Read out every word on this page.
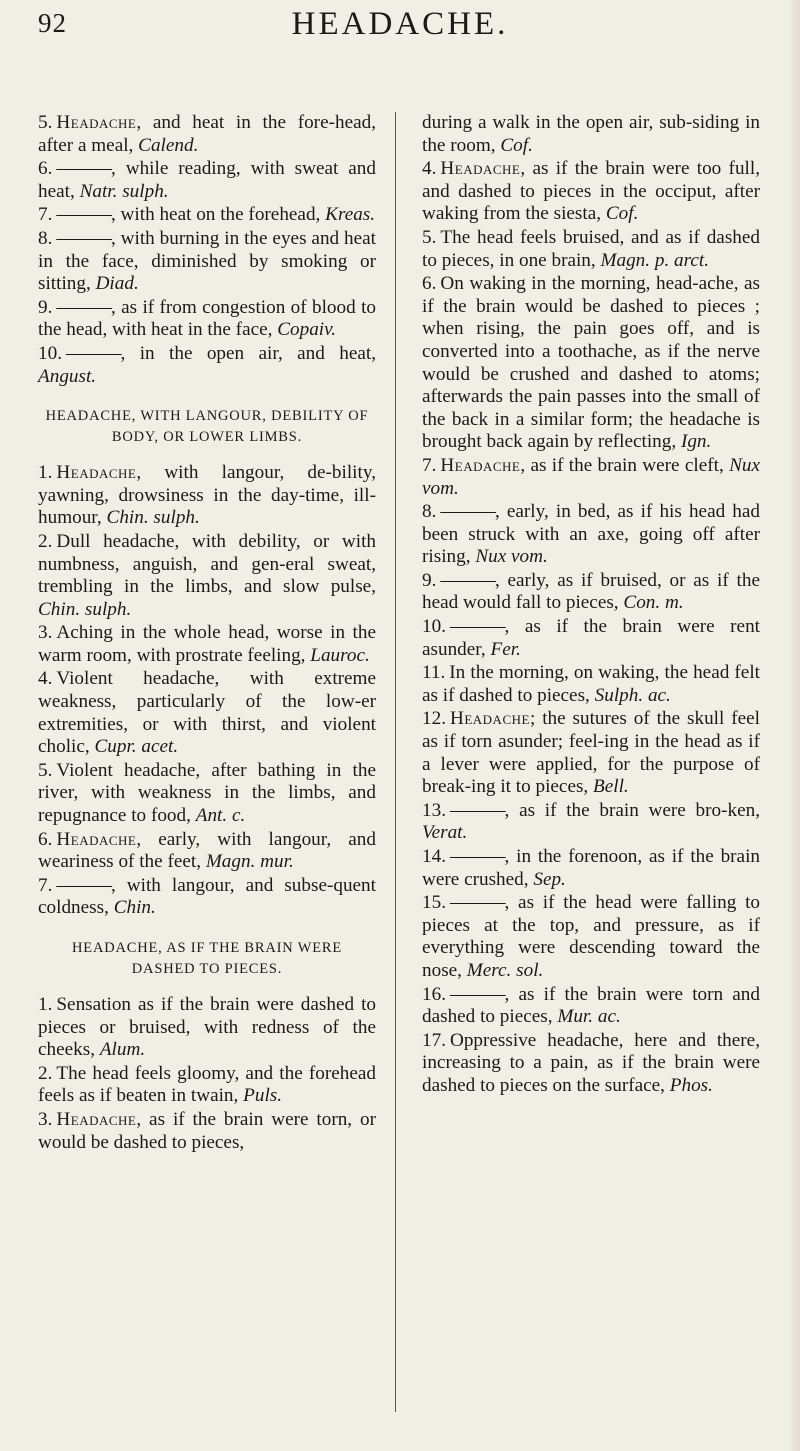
92	HEADACHE.
5. Headache, and heat in the fore-head, after a meal, Calend.
6. ———, while reading, with sweat and heat, Natr. sulph.
7. ———, with heat on the forehead, Kreas.
8. ———, with burning in the eyes and heat in the face, diminished by smoking or sitting, Diad.
9. ———, as if from congestion of blood to the head, with heat in the face, Copaiv.
10. ———, in the open air, and heat, Angust.
HEADACHE, WITH LANGOUR, DEBILITY OF BODY, OR LOWER LIMBS.
1. Headache, with langour, de-bility, yawning, drowsiness in the day-time, ill-humour, Chin. sulph.
2. Dull headache, with debility, or with numbness, anguish, and gen-eral sweat, trembling in the limbs, and slow pulse, Chin. sulph.
3. Aching in the whole head, worse in the warm room, with prostrate feeling, Lauroc.
4. Violent headache, with extreme weakness, particularly of the low-er extremities, or with thirst, and violent cholic, Cupr. acet.
5. Violent headache, after bathing in the river, with weakness in the limbs, and repugnance to food, Ant. c.
6. Headache, early, with langour, and weariness of the feet, Magn. mur.
7. ———, with langour, and subse-quent coldness, Chin.
HEADACHE, AS IF THE BRAIN WERE DASHED TO PIECES.
1. Sensation as if the brain were dashed to pieces or bruised, with redness of the cheeks, Alum.
2. The head feels gloomy, and the forehead feels as if beaten in twain, Puls.
3. Headache, as if the brain were torn, or would be dashed to pieces,
during a walk in the open air, sub-siding in the room, Cof.
4. Headache, as if the brain were too full, and dashed to pieces in the occiput, after waking from the siesta, Cof.
5. The head feels bruised, and as if dashed to pieces, in one brain, Magn. p. arct.
6. On waking in the morning, head-ache, as if the brain would be dashed to pieces ; when rising, the pain goes off, and is converted into a toothache, as if the nerve would be crushed and dashed to atoms; afterwards the pain passes into the small of the back in a similar form; the headache is brought back again by reflecting, Ign.
7. Headache, as if the brain were cleft, Nux vom.
8. ———, early, in bed, as if his head had been struck with an axe, going off after rising, Nux vom.
9. ———, early, as if bruised, or as if the head would fall to pieces, Con. m.
10. ———, as if the brain were rent asunder, Fer.
11. In the morning, on waking, the head felt as if dashed to pieces, Sulph. ac.
12. Headache; the sutures of the skull feel as if torn asunder; feel-ing in the head as if a lever were applied, for the purpose of break-ing it to pieces, Bell.
13. ———, as if the brain were bro-ken, Verat.
14. ———, in the forenoon, as if the brain were crushed, Sep.
15. ———, as if the head were falling to pieces at the top, and pressure, as if everything were descending toward the nose, Merc. sol.
16. ———, as if the brain were torn and dashed to pieces, Mur. ac.
17. Oppressive headache, here and there, increasing to a pain, as if the brain were dashed to pieces on the surface, Phos.
